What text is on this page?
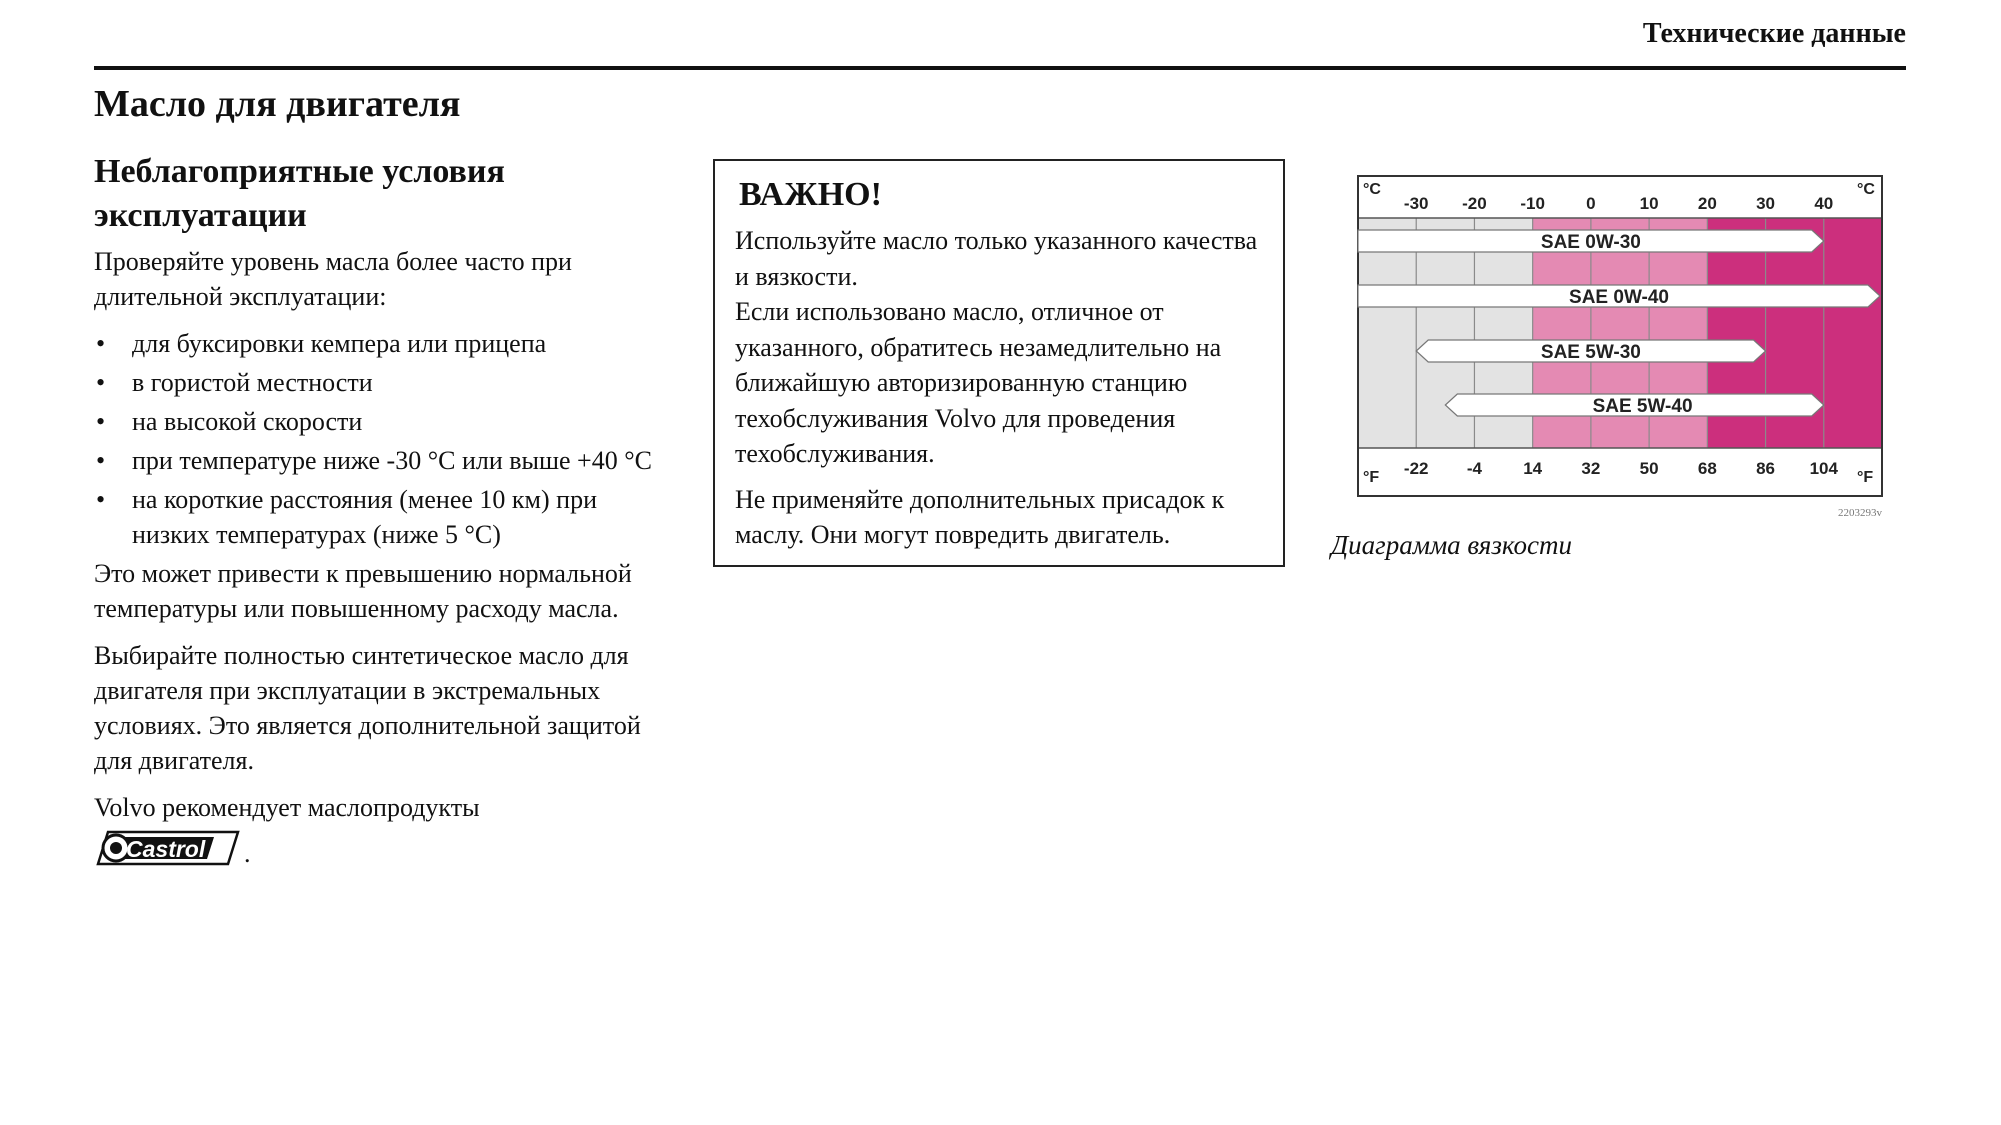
Технические данные
Масло для двигателя
Неблагоприятные условия эксплуатации

Проверяйте уровень масла более часто при длительной эксплуатации:

• для буксировки кемпера или прицепа
• в гористой местности
• на высокой скорости
• при температуре ниже -30 °С или выше +40 °С
• на короткие расстояния (менее 10 км) при низких температурах (ниже 5 °С)

Это может привести к превышению нормальной температуры или повышенному расходу масла.

Выбирайте полностью синтетическое масло для двигателя при эксплуатации в экстремальных условиях. Это является дополнительной защитой для двигателя.

Volvo рекомендует маслопродукты

Castrol .
ВАЖНО!

Используйте масло только указанного качества и вязкости.

Если использовано масло, отличное от указанного, обратитесь незамедлительно на ближайшую авторизированную станцию техобслуживания Volvo для проведения техобслуживания.

Не применяйте дополнительных присадок к маслу. Они могут повредить двигатель.

-30 -20 -10 0	10 20 30 40
-22 -4 14 32 50 68 86 104
°C	°C
°F	°F
SAE 0W-30
SAE 0W-40
SAE 5W-30
SAE 5W-40
2203293v
Диаграмма вязкости
